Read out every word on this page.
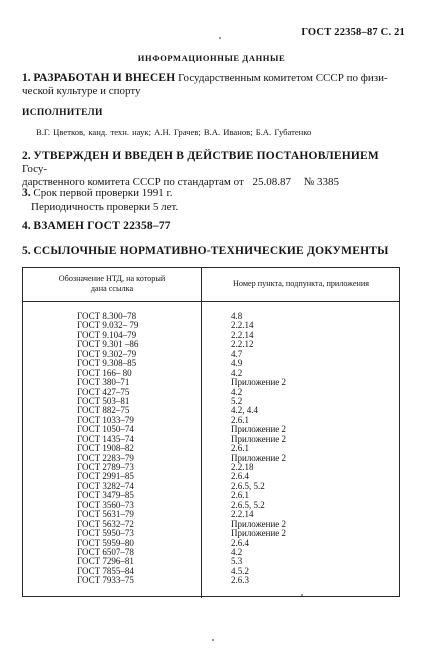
ГОСТ 22358–87 С. 21
ИНФОРМАЦИОННЫЕ ДАННЫЕ
1. РАЗРАБОТАН И ВНЕСЕН Государственным комитетом СССР по физи-
ческой культуре и спорту
ИСПОЛНИТЕЛИ
В.Г. Цветков, канд. техн. наук; А.Н. Грачев; В.А. Иванов; Б.А. Губатенко
2. УТВЕРЖДЕН И ВВЕДЕН В ДЕЙСТВИЕ ПОСТАНОВЛЕНИЕМ Госу-
дарственного комитета СССР по стандартам от 25.08.87 № 3385
3. Срок первой проверки 1991 г.
Периодичность проверки 5 лет.
4. ВЗАМЕН ГОСТ 22358–77
5. ССЫЛОЧНЫЕ НОРМАТИВНО-ТЕХНИЧЕСКИЕ ДОКУМЕНТЫ
Обозначение НТД, на который
дана ссылка
Номер пункта, подпункта, приложения
ГОСТ 8.300–78	4.8
ГОСТ 9.032– 79	2.2.14
ГОСТ 9.104–79	2.2.14
ГОСТ 9.301 –86	2.2.12
ГОСТ 9.302–79	4.7
ГОСТ 9.308–85	4.9
ГОСТ 166– 80	4.2
ГОСТ 380–71	Приложение 2
ГОСТ 427–75	4.2
ГОСТ 503–81	5.2
ГОСТ 882–75	4.2, 4.4
ГОСТ 1033–79	2.6.1
ГОСТ 1050–74	Приложение 2
ГОСТ 1435–74	Приложение 2
ГОСТ 1908–82	2.6.1
ГОСТ 2283–79	Приложение 2
ГОСТ 2789–73	2.2.18
ГОСТ 2991–85	2.6.4
ГОСТ 3282–74	2.6.5, 5.2
ГОСТ 3479–85	2.6.1
ГОСТ 3560–73	2.6.5, 5.2
ГОСТ 5631–79	2.2.14
ГОСТ 5632–72	Приложение 2
ГОСТ 5950–73	Приложение 2
ГОСТ 5959–80	2.6.4
ГОСТ 6507–78	4.2
ГОСТ 7296–81	5.3
ГОСТ 7855–84	4.5.2
ГОСТ 7933–75	2.6.3
